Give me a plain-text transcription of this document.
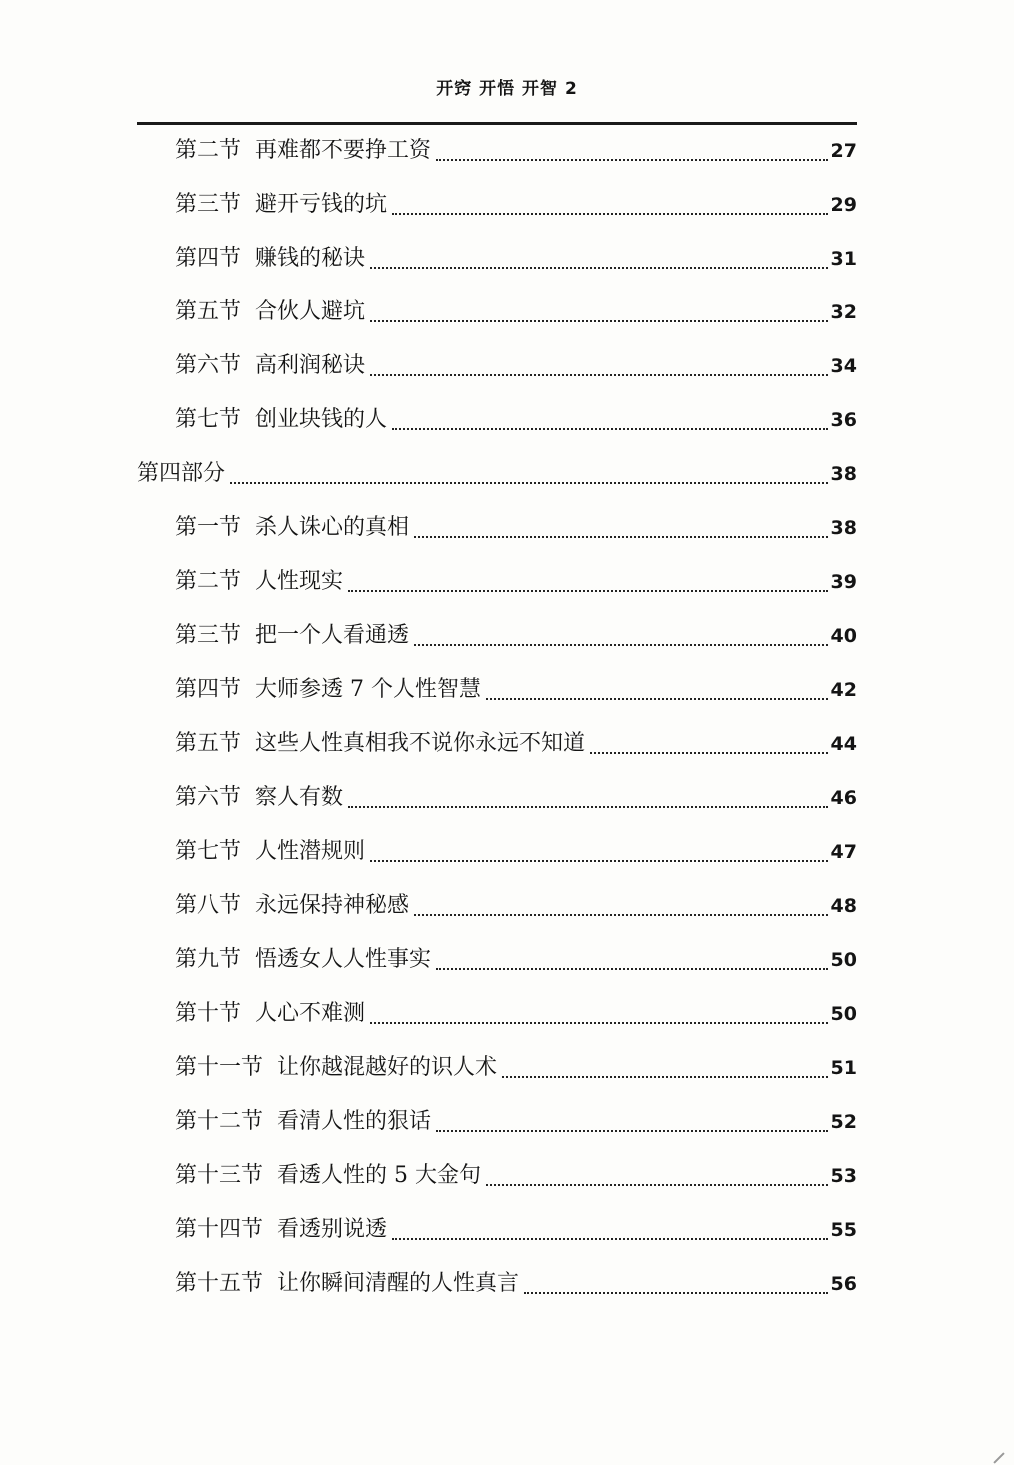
开窍 开悟 开智 2
第二节 再难都不要挣工资	27
第三节 避开亏钱的坑	29
第四节 赚钱的秘诀	31
第五节 合伙人避坑	32
第六节 高利润秘诀	34
第七节 创业块钱的人	36
第四部分	38
第一节 杀人诛心的真相	38
第二节 人性现实	39
第三节 把一个人看通透	40
第四节 大师参透 7 个人性智慧	42
第五节 这些人性真相我不说你永远不知道	44
第六节 察人有数	46
第七节 人性潜规则	47
第八节 永远保持神秘感	48
第九节 悟透女人人性事实	50
第十节 人心不难测	50
第十一节 让你越混越好的识人术	51
第十二节 看清人性的狠话	52
第十三节 看透人性的 5 大金句	53
第十四节 看透别说透	55
第十五节 让你瞬间清醒的人性真言	56
